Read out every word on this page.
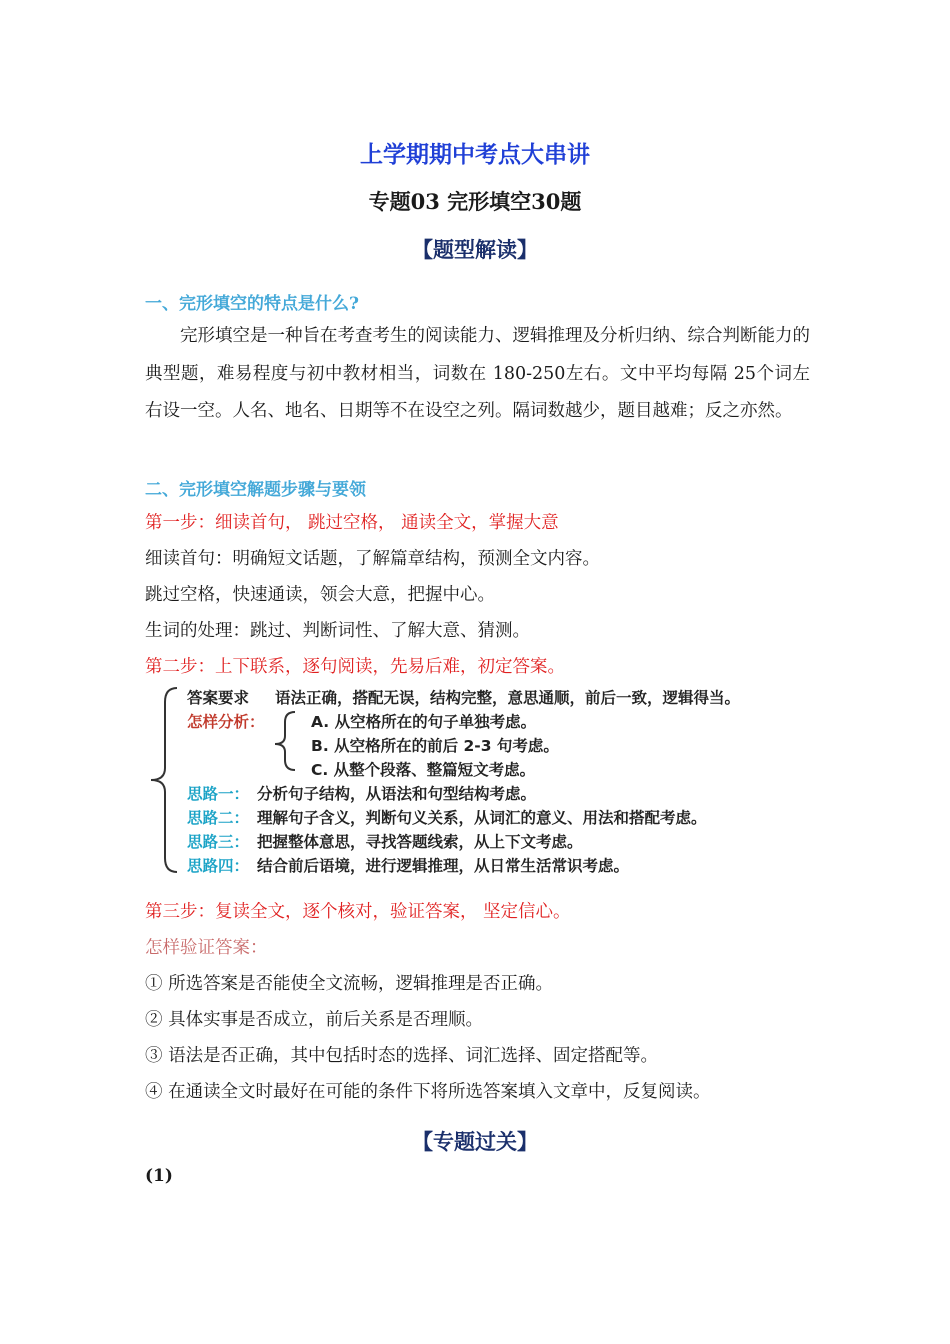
上学期期中考点大串讲
专题03 完形填空30题
【题型解读】
一、完形填空的特点是什么?
完形填空是一种旨在考查考生的阅读能力、逻辑推理及分析归纳、综合判断能力的典型题，难易程度与初中教材相当，词数在 180-250左右。文中平均每隔 25个词左右设一空。人名、地名、日期等不在设空之列。隔词数越少，题目越难；反之亦然。
二、完形填空解题步骤与要领
第一步：细读首句， 跳过空格， 通读全文，掌握大意
细读首句：明确短文话题，了解篇章结构，预测全文内容。
跳过空格，快速通读，领会大意，把握中心。
生词的处理：跳过、判断词性、了解大意、猜测。
第二步：上下联系，逐句阅读，先易后难，初定答案。
答案要求 语法正确，搭配无误，结构完整，意思通顺，前后一致，逻辑得当。
怎样分析：	A. 从空格所在的句子单独考虑。
B. 从空格所在的前后 2-3 句考虑。
C. 从整个段落、整篇短文考虑。
思路一： 分析句子结构，从语法和句型结构考虑。
思路二： 理解句子含义，判断句义关系，从词汇的意义、用法和搭配考虑。
思路三： 把握整体意思，寻找答题线索，从上下文考虑。
思路四： 结合前后语境，进行逻辑推理，从日常生活常识考虑。
第三步：复读全文，逐个核对，验证答案， 坚定信心。
怎样验证答案：
① 所选答案是否能使全文流畅，逻辑推理是否正确。
② 具体实事是否成立，前后关系是否理顺。
③ 语法是否正确，其中包括时态的选择、词汇选择、固定搭配等。
④ 在通读全文时最好在可能的条件下将所选答案填入文章中，反复阅读。
【专题过关】
(1)
